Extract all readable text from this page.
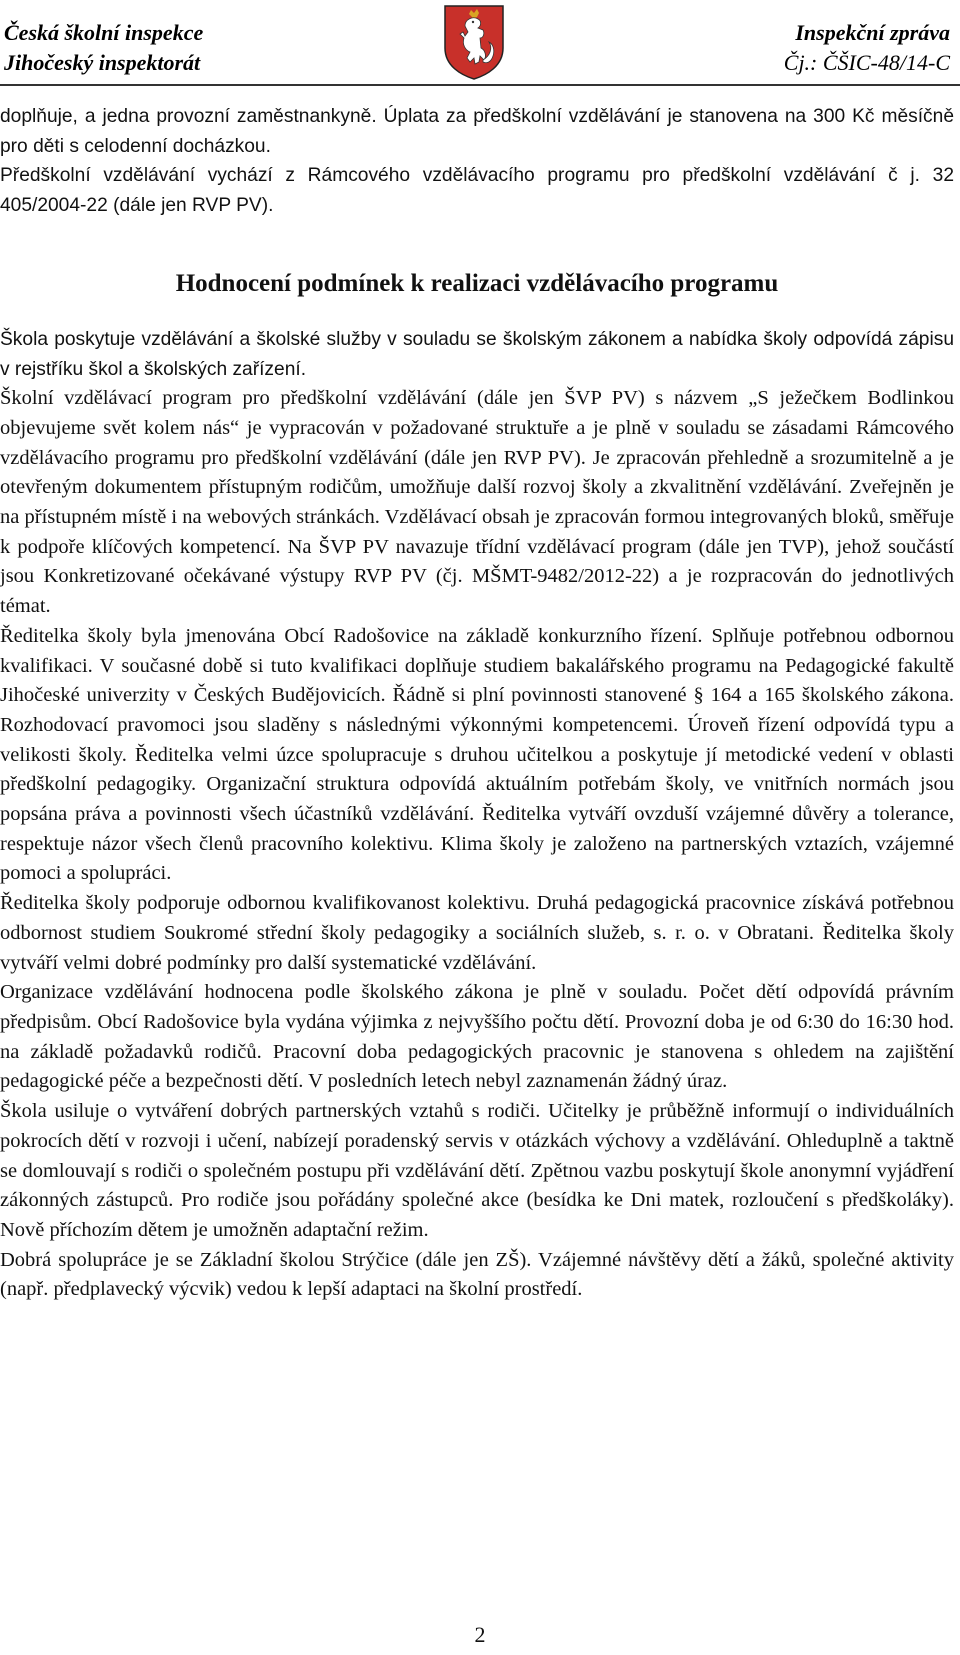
Česká školní inspekce
Jihočeský inspektorát
Inspekční zpráva
Čj.: ČŠIC-48/14-C

doplňuje, a jedna provozní zaměstnankyně. Úplata za předškolní vzdělávání je stanovena na 300 Kč měsíčně pro děti s celodenní docházkou.

Předškolní vzdělávání vychází z Rámcového vzdělávacího programu pro předškolní vzdělávání č j. 32 405/2004-22 (dále jen RVP PV).

Hodnocení podmínek k realizaci vzdělávacího programu

Škola poskytuje vzdělávání a školské služby v souladu se školským zákonem a nabídka školy odpovídá zápisu v rejstříku škol a školských zařízení.

Školní vzdělávací program pro předškolní vzdělávání (dále jen ŠVP PV) s názvem „S ježečkem Bodlinkou objevujeme svět kolem nás“ je vypracován v požadované struktuře a je plně v souladu se zásadami Rámcového vzdělávacího programu pro předškolní vzdělávání (dále jen RVP PV). Je zpracován přehledně a srozumitelně a je otevřeným dokumentem přístupným rodičům, umožňuje další rozvoj školy a zkvalitnění vzdělávání. Zveřejněn je na přístupném místě i na webových stránkách. Vzdělávací obsah je zpracován formou integrovaných bloků, směřuje k podpoře klíčových kompetencí. Na ŠVP PV navazuje třídní vzdělávací program (dále jen TVP), jehož součástí jsou Konkretizované očekávané výstupy RVP PV (čj. MŠMT-9482/2012-22) a je rozpracován do jednotlivých témat.

Ředitelka školy byla jmenována Obcí Radošovice na základě konkurzního řízení. Splňuje potřebnou odbornou kvalifikaci. V současné době si tuto kvalifikaci doplňuje studiem bakalářského programu na Pedagogické fakultě Jihočeské univerzity v Českých Budějovicích. Řádně si plní povinnosti stanovené § 164 a 165 školského zákona. Rozhodovací pravomoci jsou sladěny s následnými výkonnými kompetencemi. Úroveň řízení odpovídá typu a velikosti školy. Ředitelka velmi úzce spolupracuje s druhou učitelkou a poskytuje jí metodické vedení v oblasti předškolní pedagogiky. Organizační struktura odpovídá aktuálním potřebám školy, ve vnitřních normách jsou popsána práva a povinnosti všech účastníků vzdělávání. Ředitelka vytváří ovzduší vzájemné důvěry a tolerance, respektuje názor všech členů pracovního kolektivu. Klima školy je založeno na partnerských vztazích, vzájemné pomoci a spolupráci.

Ředitelka školy podporuje odbornou kvalifikovanost kolektivu. Druhá pedagogická pracovnice získává potřebnou odbornost studiem Soukromé střední školy pedagogiky a sociálních služeb, s. r. o. v Obratani. Ředitelka školy vytváří velmi dobré podmínky pro další systematické vzdělávání.

Organizace vzdělávání hodnocena podle školského zákona je plně v souladu. Počet dětí odpovídá právním předpisům. Obcí Radošovice byla vydána výjimka z nejvyššího počtu dětí. Provozní doba je od 6:30 do 16:30 hod. na základě požadavků rodičů. Pracovní doba pedagogických pracovnic je stanovena s ohledem na zajištění pedagogické péče a bezpečnosti dětí. V posledních letech nebyl zaznamenán žádný úraz.

Škola usiluje o vytváření dobrých partnerských vztahů s rodiči. Učitelky je průběžně informují o individuálních pokrocích dětí v rozvoji i učení, nabízejí poradenský servis v otázkách výchovy a vzdělávání. Ohleduplně a taktně se domlouvají s rodiči o společném postupu při vzdělávání dětí. Zpětnou vazbu poskytují škole anonymní vyjádření zákonných zástupců. Pro rodiče jsou pořádány společné akce (besídka ke Dni matek, rozloučení s předškoláky). Nově příchozím dětem je umožněn adaptační režim.

Dobrá spolupráce je se Základní školou Strýčice (dále jen ZŠ). Vzájemné návštěvy dětí a žáků, společné aktivity (např. předplavecký výcvik) vedou k lepší adaptaci na školní prostředí.

2
